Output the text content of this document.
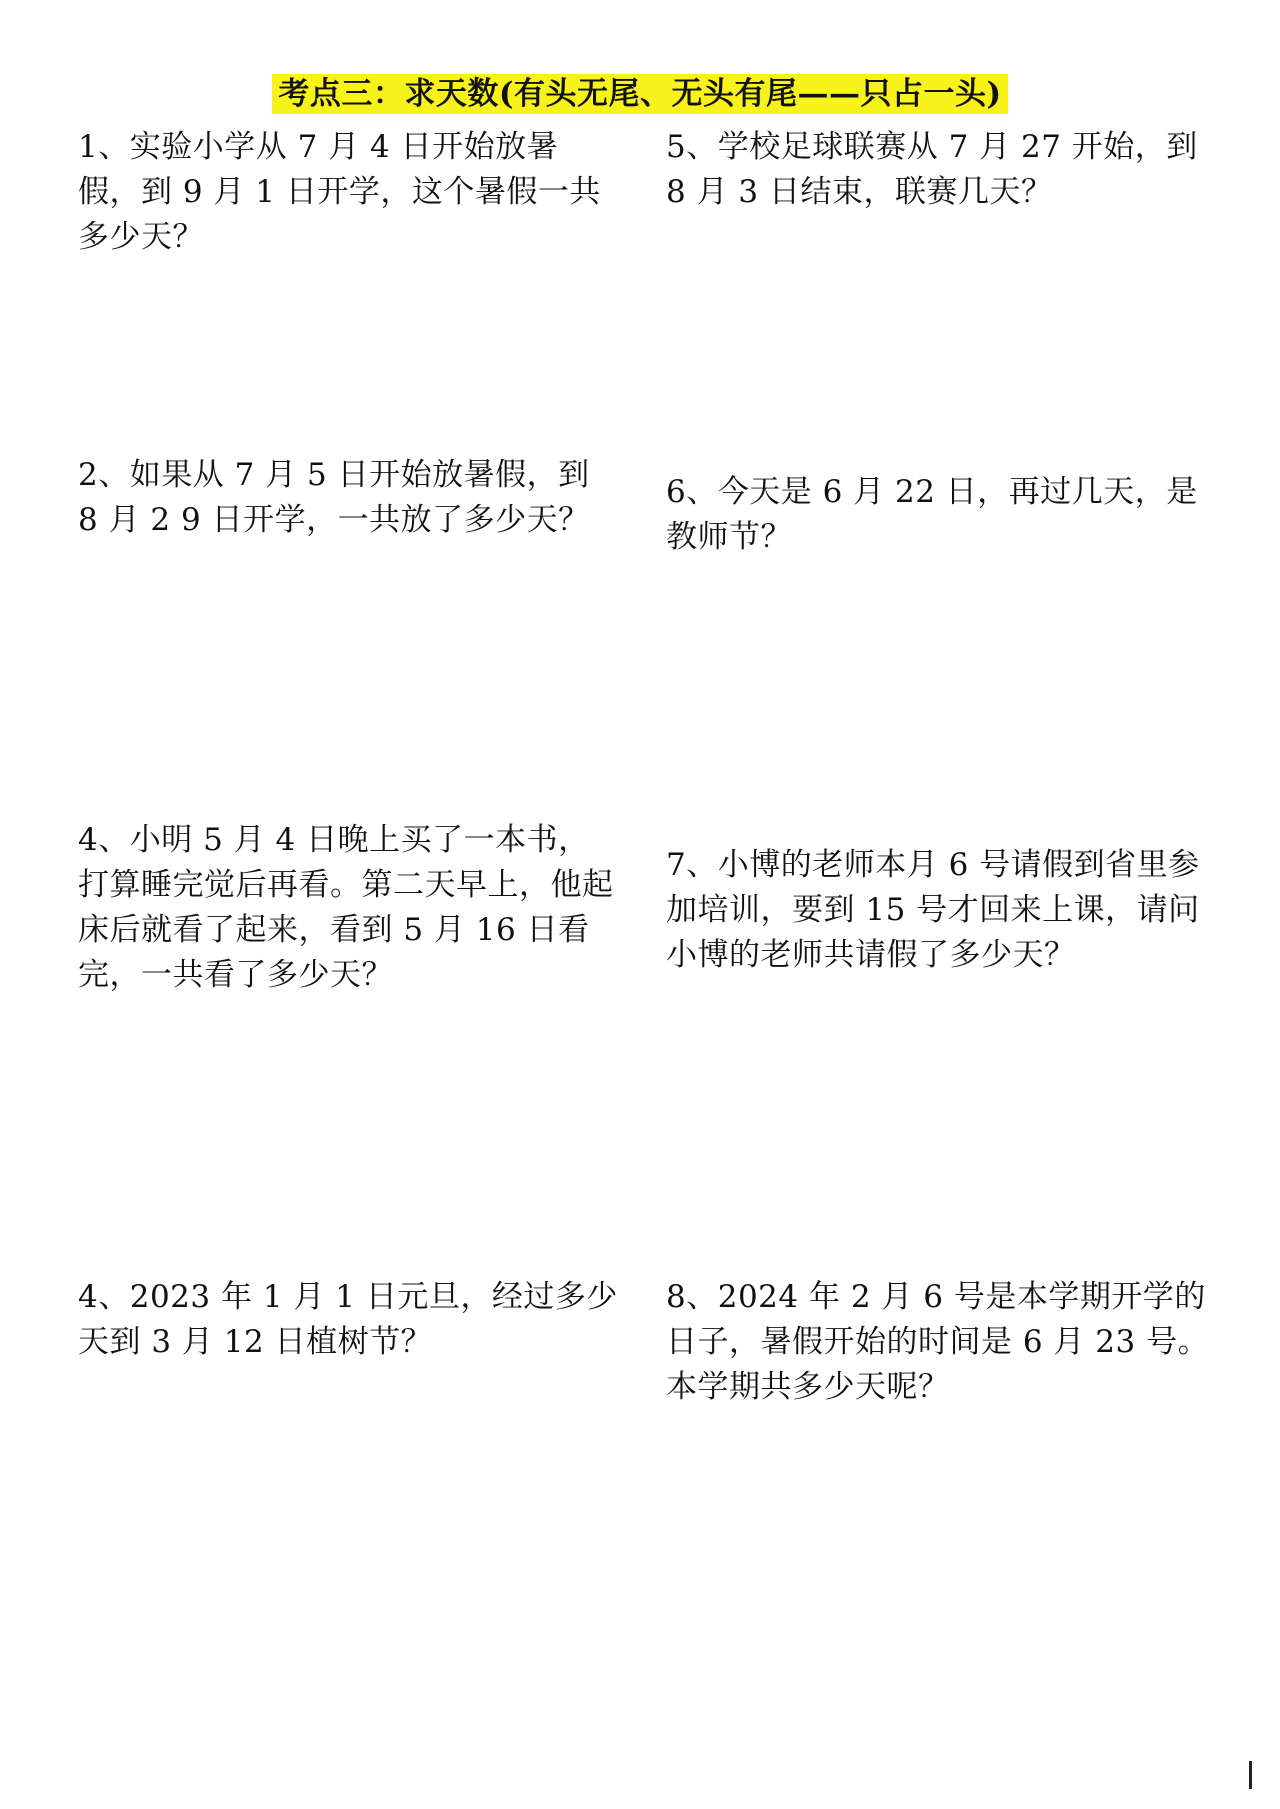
考点三：求天数(有头无尾、无头有尾——只占一头)
1、实验小学从 7 月 4 日开始放暑假，到 9 月 1 日开学，这个暑假一共多少天？
5、学校足球联赛从 7 月 27 开始，到 8 月 3 日结束，联赛几天？
2、如果从 7 月 5 日开始放暑假，到 8 月 2 9 日开学，一共放了多少天？
6、今天是 6 月 22 日，再过几天，是教师节？
4、小明 5 月 4 日晚上买了一本书，打算睡完觉后再看。第二天早上，他起床后就看了起来，看到 5 月 16 日看完，一共看了多少天？
7、小博的老师本月 6 号请假到省里参加培训，要到 15 号才回来上课，请问小博的老师共请假了多少天？
4、2023 年 1 月 1 日元旦，经过多少天到 3 月 12 日植树节？
8、2024 年 2 月 6 号是本学期开学的日子，暑假开始的时间是 6 月 23 号。本学期共多少天呢？
